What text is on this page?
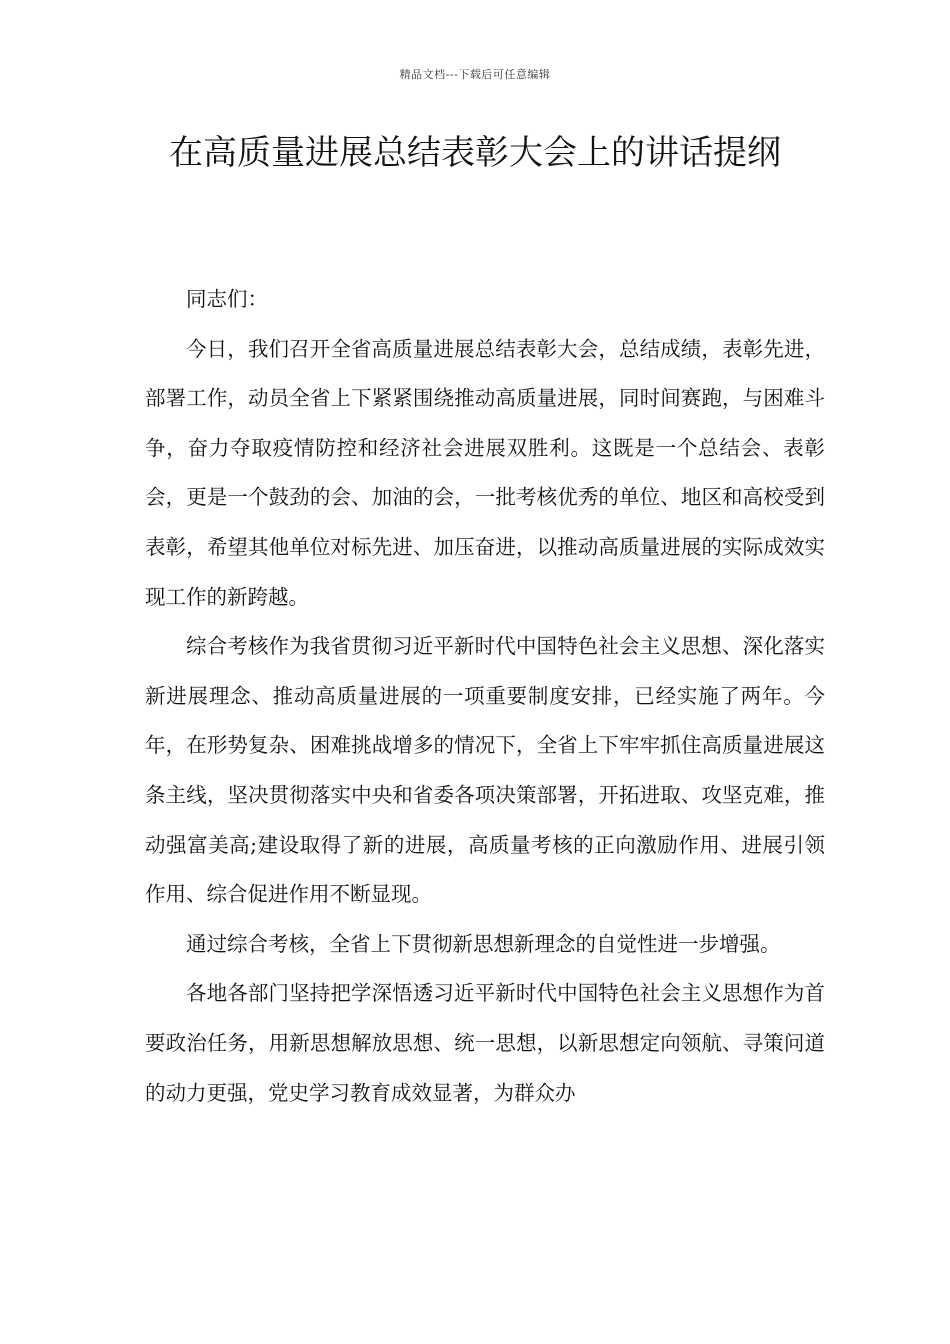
精品文档---下载后可任意编辑
在高质量进展总结表彰大会上的讲话提纲

同志们：

今日，我们召开全省高质量进展总结表彰大会，总结成绩，表彰先进，部署工作，动员全省上下紧紧围绕推动高质量进展，同时间赛跑，与困难斗争，奋力夺取疫情防控和经济社会进展双胜利。这既是一个总结会、表彰会，更是一个鼓劲的会、加油的会，一批考核优秀的单位、地区和高校受到表彰，希望其他单位对标先进、加压奋进，以推动高质量进展的实际成效实现工作的新跨越。

综合考核作为我省贯彻习近平新时代中国特色社会主义思想、深化落实新进展理念、推动高质量进展的一项重要制度安排，已经实施了两年。今年，在形势复杂、困难挑战增多的情况下，全省上下牢牢抓住高质量进展这条主线，坚决贯彻落实中央和省委各项决策部署，开拓进取、攻坚克难，推动强富美高;建设取得了新的进展，高质量考核的正向激励作用、进展引领作用、综合促进作用不断显现。

通过综合考核，全省上下贯彻新思想新理念的自觉性进一步增强。

各地各部门坚持把学深悟透习近平新时代中国特色社会主义思想作为首要政治任务，用新思想解放思想、统一思想，以新思想定向领航、寻策问道的动力更强，党史学习教育成效显著，为群众办
